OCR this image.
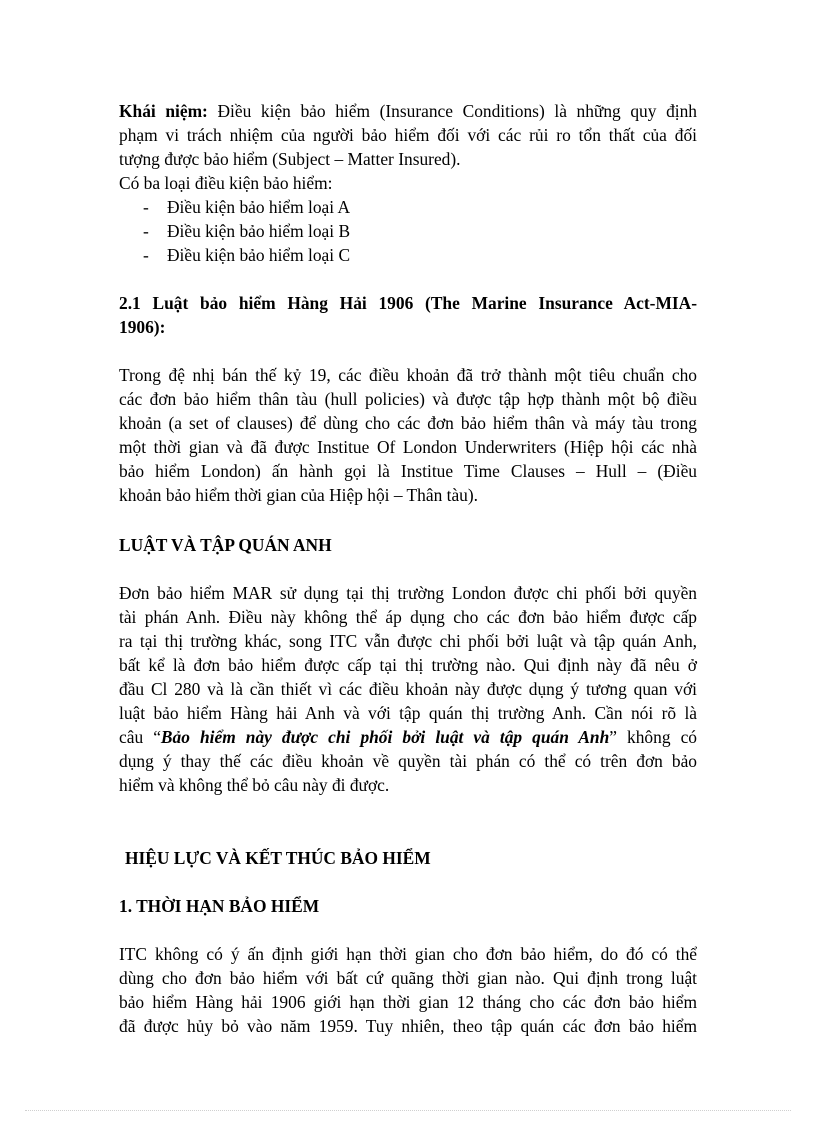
Khái niệm: Điều kiện bảo hiểm (Insurance Conditions) là những quy định

phạm vi trách nhiệm của người bảo hiểm đối với các rủi ro tổn thất của đối

tượng được bảo hiểm (Subject – Matter Insured).

Có ba loại điều kiện bảo hiểm:

-	Điều kiện bảo hiểm loại A
-	Điều kiện bảo hiểm loại B
-	Điều kiện bảo hiểm loại C
2.1 Luật bảo hiểm Hàng Hải 1906 (The Marine Insurance Act-MIA-
1906):

Trong đệ nhị bán thế kỷ 19, các điều khoản đã trở thành một tiêu chuẩn cho

các đơn bảo hiểm thân tàu (hull policies) và được tập hợp thành một bộ điều

khoản (a set of clauses) để dùng cho các đơn bảo hiểm thân và máy tàu trong

một thời gian và đã được Institue Of London Underwriters (Hiệp hội các nhà

bảo hiểm London) ấn hành gọi là Institue Time Clauses – Hull – (Điều

khoản bảo hiểm thời gian của Hiệp hội – Thân tàu).

LUẬT VÀ TẬP QUÁN ANH

Đơn bảo hiểm MAR sử dụng tại thị trường London được chi phối bởi quyền

tài phán Anh. Điều này không thể áp dụng cho các đơn bảo hiểm được cấp

ra tại thị trường khác, song ITC vẫn được chi phối bởi luật và tập quán Anh,

bất kể là đơn bảo hiểm được cấp tại thị trường nào. Qui định này đã nêu ở

đầu Cl 280 và là cần thiết vì các điều khoản này được dụng ý tương quan với

luật bảo hiểm Hàng hải Anh và với tập quán thị trường Anh. Cần nói rõ là

câu “Bảo hiểm này được chi phối bởi luật và tập quán Anh” không có

dụng ý thay thế các điều khoản về quyền tài phán có thể có trên đơn bảo

hiểm và không thể bỏ câu này đi được.

HIỆU LỰC VÀ KẾT THÚC BẢO HIỂM
1. THỜI HẠN BẢO HIỂM

ITC không có ý ấn định giới hạn thời gian cho đơn bảo hiểm, do đó có thể

dùng cho đơn bảo hiểm với bất cứ quãng thời gian nào. Qui định trong luật

bảo hiểm Hàng hải 1906 giới hạn thời gian 12 tháng cho các đơn bảo hiểm

đã được hủy bỏ vào năm 1959. Tuy nhiên, theo tập quán các đơn bảo hiểm
